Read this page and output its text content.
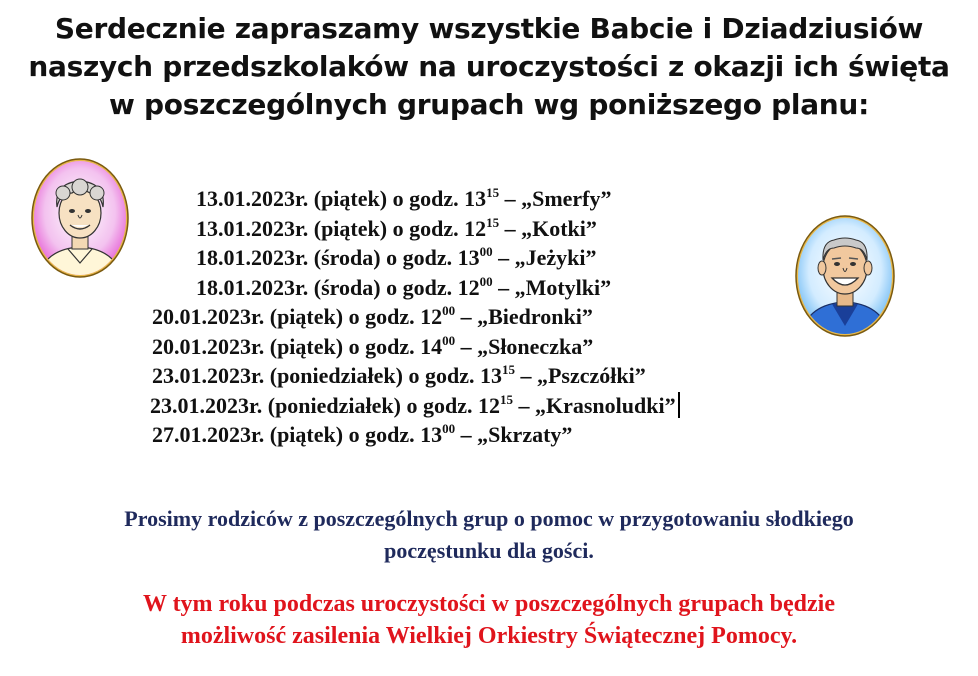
Serdecznie zapraszamy wszystkie Babcie i Dziadziusiów
naszych przedszkolaków na uroczystości z okazji ich święta
w poszczególnych grupach wg poniższego planu:
13.01.2023r. (piątek) o godz. $13^{15}$ – „Smerfy”
13.01.2023r. (piątek) o godz. $12^{15}$ – „Kotki”
18.01.2023r. (środa) o godz. $13^{00}$ – „Jeżyki”
18.01.2023r. (środa) o godz. $12^{00}$ – „Motylki”
20.01.2023r. (piątek) o godz. $12^{00}$ – „Biedronki”
20.01.2023r. (piątek) o godz. $14^{00}$ – „Słoneczka”
23.01.2023r. (poniedziałek) o godz. $13^{15}$ – „Pszczółki”
23.01.2023r. (poniedziałek) o godz. $12^{15}$ – „Krasnoludki”
27.01.2023r. (piątek) o godz. $13^{00}$ – „Skrzaty”
Prosimy rodziców z poszczególnych grup o pomoc w przygotowaniu słodkiego
poczęstunku dla gości.
W tym roku podczas uroczystości w poszczególnych grupach będzie
możliwość zasilenia Wielkiej Orkiestry Świątecznej Pomocy.
